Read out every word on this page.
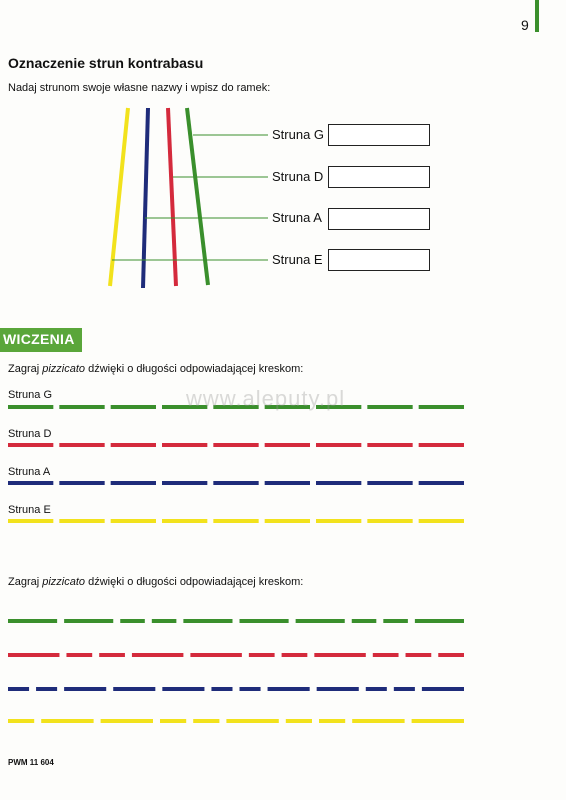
9
Oznaczenie strun kontrabasu
Nadaj strunom swoje własne nazwy i wpisz do ramek:
Struna G
Struna D
Struna A
Struna E
WICZENIA
Zagraj pizzicato dźwięki o długości odpowiadającej kreskom:
Struna G
Struna D
Struna A
Struna E
www.aleputy.pl
Zagraj pizzicato dźwięki o długości odpowiadającej kreskom:
PWM 11 604
